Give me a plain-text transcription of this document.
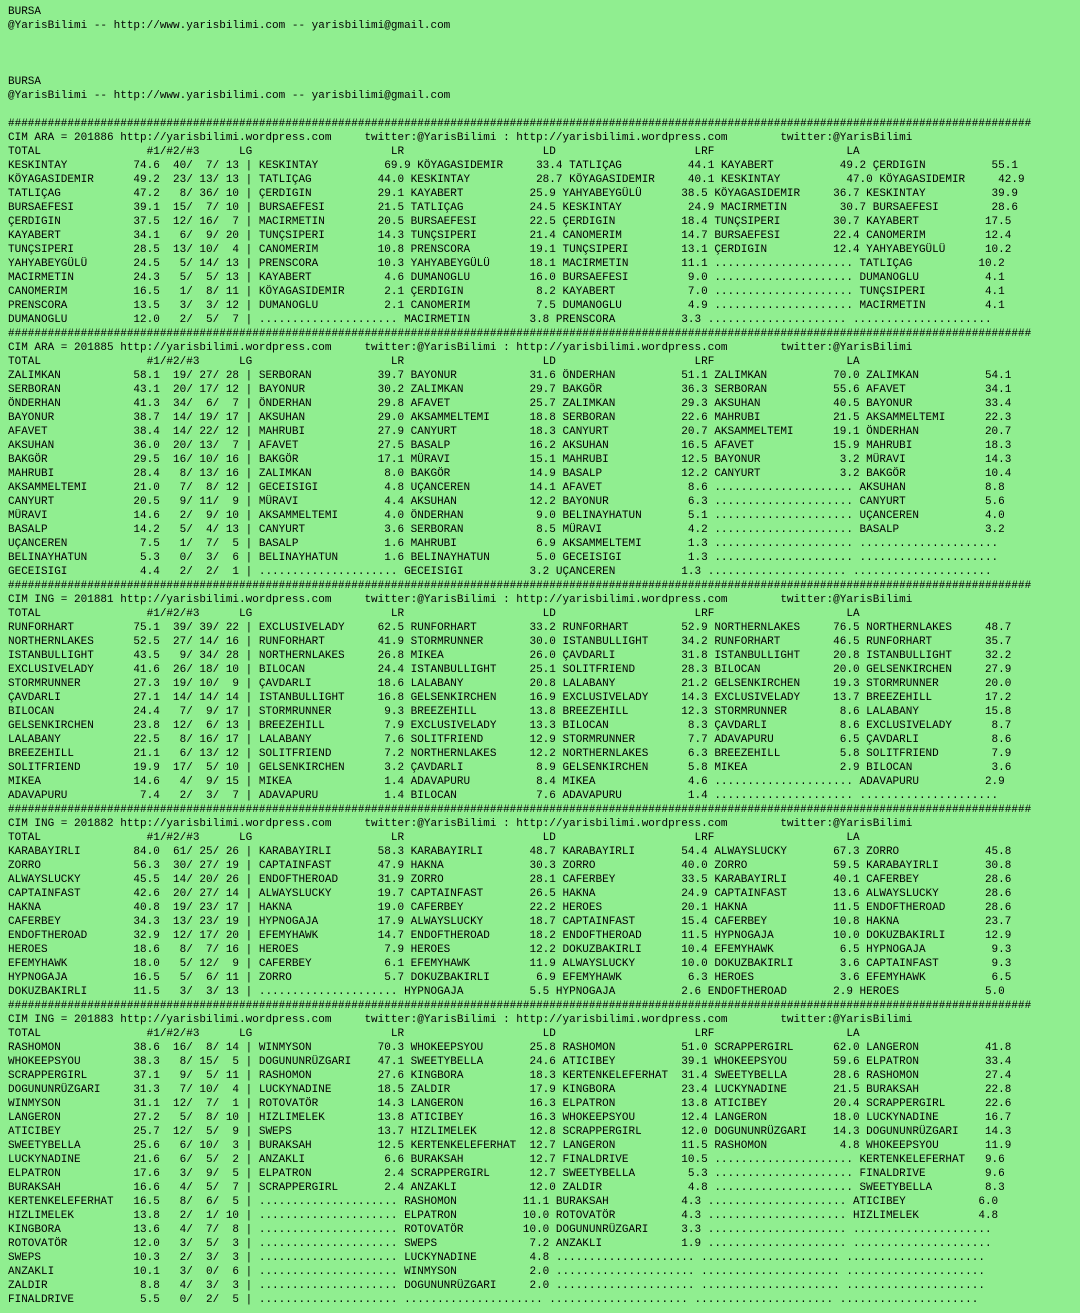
BURSA
@YarisBilimi -- http://www.yarisbilimi.com -- yarisbilimi@gmail.com
BURSA
@YarisBilimi -- http://www.yarisbilimi.com -- yarisbilimi@gmail.com
###########################################################################################################################################################
CIM ARA = 201886 http://yarisbilimi.wordpress.com     twitter:@YarisBilimi : http://yarisbilimi.wordpress.com        twitter:@YarisBilimi
TOTAL                #1/#2/#3      LG                     LR                     LD                     LRF                    LA
KESKINTAY          74.6  40/  7/ 13 | KESKINTAY          69.9 KÖYAGASIDEMIR     33.4 TATLIÇAG          44.1 KAYABERT          49.2 ÇERDIGIN          55.1
KÖYAGASIDEMIR      49.2  23/ 13/ 13 | TATLIÇAG          44.0 KESKINTAY          28.7 KÖYAGASIDEMIR     40.1 KESKINTAY          47.0 KÖYAGASIDEMIR     42.9
TATLIÇAG           47.2   8/ 36/ 10 | ÇERDIGIN          29.1 KAYABERT          25.9 YAHYABEYGÜLÜ      38.5 KÖYAGASIDEMIR     36.7 KESKINTAY          39.9
BURSAEFESI         39.1  15/  7/ 10 | BURSAEFESI        21.5 TATLIÇAG          24.5 KESKINTAY          24.9 MACIRMETIN        30.7 BURSAEFESI        28.6
ÇERDIGIN           37.5  12/ 16/  7 | MACIRMETIN        20.5 BURSAEFESI        22.5 ÇERDIGIN          18.4 TUNÇSIPERI        30.7 KAYABERT          17.5
KAYABERT           34.1   6/  9/ 20 | TUNÇSIPERI        14.3 TUNÇSIPERI        21.4 CANOMERIM         14.7 BURSAEFESI        22.4 CANOMERIM         12.4
TUNÇSIPERI         28.5  13/ 10/  4 | CANOMERIM         10.8 PRENSCORA         19.1 TUNÇSIPERI        13.1 ÇERDIGIN          12.4 YAHYABEYGÜLÜ      10.2
YAHYABEYGÜLÜ       24.5   5/ 14/ 13 | PRENSCORA         10.3 YAHYABEYGÜLÜ      18.1 MACIRMETIN        11.1 ..................... TATLIÇAG          10.2
MACIRMETIN         24.3   5/  5/ 13 | KAYABERT           4.6 DUMANOGLU         16.0 BURSAEFESI         9.0 ..................... DUMANOGLU          4.1
CANOMERIM          16.5   1/  8/ 11 | KÖYAGASIDEMIR      2.1 ÇERDIGIN           8.2 KAYABERT           7.0 ..................... TUNÇSIPERI         4.1
PRENSCORA          13.5   3/  3/ 12 | DUMANOGLU          2.1 CANOMERIM          7.5 DUMANOGLU          4.9 ..................... MACIRMETIN         4.1
DUMANOGLU          12.0   2/  5/  7 | ..................... MACIRMETIN         3.8 PRENSCORA          3.3 ..................... .....................
###########################################################################################################################################################
CIM ARA = 201885 http://yarisbilimi.wordpress.com     twitter:@YarisBilimi : http://yarisbilimi.wordpress.com        twitter:@YarisBilimi
TOTAL                #1/#2/#3      LG                     LR                     LD                     LRF                    LA
ZALIMKAN           58.1  19/ 27/ 28 | SERBORAN          39.7 BAYONUR           31.6 ÖNDERHAN          51.1 ZALIMKAN          70.0 ZALIMKAN          54.1
SERBORAN           43.1  20/ 17/ 12 | BAYONUR           30.2 ZALIMKAN          29.7 BAKGÖR            36.3 SERBORAN          55.6 AFAVET            34.1
ÖNDERHAN           41.3  34/  6/  7 | ÖNDERHAN          29.8 AFAVET            25.7 ZALIMKAN          29.3 AKSUHAN           40.5 BAYONUR           33.4
BAYONUR            38.7  14/ 19/ 17 | AKSUHAN           29.0 AKSAMMELTEMI      18.8 SERBORAN          22.6 MAHRUBI           21.5 AKSAMMELTEMI      22.3
AFAVET             38.4  14/ 22/ 12 | MAHRUBI           27.9 CANYURT           18.3 CANYURT           20.7 AKSAMMELTEMI      19.1 ÖNDERHAN          20.7
AKSUHAN            36.0  20/ 13/  7 | AFAVET            27.5 BASALP            16.2 AKSUHAN           16.5 AFAVET            15.9 MAHRUBI           18.3
BAKGÖR             29.5  16/ 10/ 16 | BAKGÖR            17.1 MÜRAVI            15.1 MAHRUBI           12.5 BAYONUR            3.2 MÜRAVI            14.3
MAHRUBI            28.4   8/ 13/ 16 | ZALIMKAN           8.0 BAKGÖR            14.9 BASALP            12.2 CANYURT            3.2 BAKGÖR            10.4
AKSAMMELTEMI       21.0   7/  8/ 12 | GECEISIGI          4.8 UÇANCEREN         14.1 AFAVET             8.6 ..................... AKSUHAN            8.8
CANYURT            20.5   9/ 11/  9 | MÜRAVI             4.4 AKSUHAN           12.2 BAYONUR            6.3 ..................... CANYURT            5.6
MÜRAVI             14.6   2/  9/ 10 | AKSAMMELTEMI       4.0 ÖNDERHAN           9.0 BELINAYHATUN       5.1 ..................... UÇANCEREN          4.0
BASALP             14.2   5/  4/ 13 | CANYURT            3.6 SERBORAN           8.5 MÜRAVI             4.2 ..................... BASALP             3.2
UÇANCEREN           7.5   1/  7/  5 | BASALP             1.6 MAHRUBI            6.9 AKSAMMELTEMI       1.3 ..................... .....................
BELINAYHATUN        5.3   0/  3/  6 | BELINAYHATUN       1.6 BELINAYHATUN       5.0 GECEISIGI          1.3 ..................... .....................
GECEISIGI           4.4   2/  2/  1 | ..................... GECEISIGI          3.2 UÇANCEREN          1.3 ..................... .....................
###########################################################################################################################################################
CIM ING = 201881 http://yarisbilimi.wordpress.com     twitter:@YarisBilimi : http://yarisbilimi.wordpress.com        twitter:@YarisBilimi
TOTAL                #1/#2/#3      LG                     LR                     LD                     LRF                    LA
RUNFORHART         75.1  39/ 39/ 22 | EXCLUSIVELADY     62.5 RUNFORHART        33.2 RUNFORHART        52.9 NORTHERNLAKES     76.5 NORTHERNLAKES     48.7
NORTHERNLAKES      52.5  27/ 14/ 16 | RUNFORHART        41.9 STORMRUNNER       30.0 ISTANBULLIGHT     34.2 RUNFORHART        46.5 RUNFORHART        35.7
ISTANBULLIGHT      43.5   9/ 34/ 28 | NORTHERNLAKES     26.8 MIKEA             26.0 ÇAVDARLI          31.8 ISTANBULLIGHT     20.8 ISTANBULLIGHT     32.2
EXCLUSIVELADY      41.6  26/ 18/ 10 | BILOCAN           24.4 ISTANBULLIGHT     25.1 SOLITFRIEND       28.3 BILOCAN           20.0 GELSENKIRCHEN     27.9
STORMRUNNER        27.3  19/ 10/  9 | ÇAVDARLI          18.6 LALABANY          20.8 LALABANY          21.2 GELSENKIRCHEN     19.3 STORMRUNNER       20.0
ÇAVDARLI           27.1  14/ 14/ 14 | ISTANBULLIGHT     16.8 GELSENKIRCHEN     16.9 EXCLUSIVELADY     14.3 EXCLUSIVELADY     13.7 BREEZEHILL        17.2
BILOCAN            24.4   7/  9/ 17 | STORMRUNNER        9.3 BREEZEHILL        13.8 BREEZEHILL        12.3 STORMRUNNER        8.6 LALABANY          15.8
GELSENKIRCHEN      23.8  12/  6/ 13 | BREEZEHILL         7.9 EXCLUSIVELADY     13.3 BILOCAN            8.3 ÇAVDARLI           8.6 EXCLUSIVELADY      8.7
LALABANY           22.5   8/ 16/ 17 | LALABANY           7.6 SOLITFRIEND       12.9 STORMRUNNER        7.7 ADAVAPURU          6.5 ÇAVDARLI           8.6
BREEZEHILL         21.1   6/ 13/ 12 | SOLITFRIEND        7.2 NORTHERNLAKES     12.2 NORTHERNLAKES      6.3 BREEZEHILL         5.8 SOLITFRIEND        7.9
SOLITFRIEND        19.9  17/  5/ 10 | GELSENKIRCHEN      3.2 ÇAVDARLI           8.9 GELSENKIRCHEN      5.8 MIKEA              2.9 BILOCAN            3.6
MIKEA              14.6   4/  9/ 15 | MIKEA              1.4 ADAVAPURU          8.4 MIKEA              4.6 ..................... ADAVAPURU          2.9
ADAVAPURU           7.4   2/  3/  7 | ADAVAPURU          1.4 BILOCAN            7.6 ADAVAPURU          1.4 ..................... .....................
###########################################################################################################################################################
CIM ING = 201882 http://yarisbilimi.wordpress.com     twitter:@YarisBilimi : http://yarisbilimi.wordpress.com        twitter:@YarisBilimi
TOTAL                #1/#2/#3      LG                     LR                     LD                     LRF                    LA
KARABAYIRLI        84.0  61/ 25/ 26 | KARABAYIRLI       58.3 KARABAYIRLI       48.7 KARABAYIRLI       54.4 ALWAYSLUCKY       67.3 ZORRO             45.8
ZORRO              56.3  30/ 27/ 19 | CAPTAINFAST       47.9 HAKNA             30.3 ZORRO             40.0 ZORRO             59.5 KARABAYIRLI       30.8
ALWAYSLUCKY        45.5  14/ 20/ 26 | ENDOFTHEROAD      31.9 ZORRO             28.1 CAFERBEY          33.5 KARABAYIRLI       40.1 CAFERBEY          28.6
CAPTAINFAST        42.6  20/ 27/ 14 | ALWAYSLUCKY       19.7 CAPTAINFAST       26.5 HAKNA             24.9 CAPTAINFAST       13.6 ALWAYSLUCKY       28.6
HAKNA              40.8  19/ 23/ 17 | HAKNA             19.0 CAFERBEY          22.2 HEROES            20.1 HAKNA             11.5 ENDOFTHEROAD      28.6
CAFERBEY           34.3  13/ 23/ 19 | HYPNOGAJA         17.9 ALWAYSLUCKY       18.7 CAPTAINFAST       15.4 CAFERBEY          10.8 HAKNA             23.7
ENDOFTHEROAD       32.9  12/ 17/ 20 | EFEMYHAWK         14.7 ENDOFTHEROAD      18.2 ENDOFTHEROAD      11.5 HYPNOGAJA         10.0 DOKUZBAKIRLI      12.9
HEROES             18.6   8/  7/ 16 | HEROES             7.9 HEROES            12.2 DOKUZBAKIRLI      10.4 EFEMYHAWK          6.5 HYPNOGAJA          9.3
EFEMYHAWK          18.0   5/ 12/  9 | CAFERBEY           6.1 EFEMYHAWK         11.9 ALWAYSLUCKY       10.0 DOKUZBAKIRLI       3.6 CAPTAINFAST        9.3
HYPNOGAJA          16.5   5/  6/ 11 | ZORRO              5.7 DOKUZBAKIRLI       6.9 EFEMYHAWK          6.3 HEROES             3.6 EFEMYHAWK          6.5
DOKUZBAKIRLI       11.5   3/  3/ 13 | ..................... HYPNOGAJA          5.5 HYPNOGAJA          2.6 ENDOFTHEROAD       2.9 HEROES             5.0
###########################################################################################################################################################
CIM ING = 201883 http://yarisbilimi.wordpress.com     twitter:@YarisBilimi : http://yarisbilimi.wordpress.com        twitter:@YarisBilimi
TOTAL                #1/#2/#3      LG                     LR                     LD                     LRF                    LA
RASHOMON           38.6  16/  8/ 14 | WINMYSON          70.3 WHOKEEPSYOU       25.8 RASHOMON          51.0 SCRAPPERGIRL      62.0 LANGERON          41.8
WHOKEEPSYOU        38.3   8/ 15/  5 | DOGUNUNRÜZGARI    47.1 SWEETYBELLA       24.6 ATICIBEY          39.1 WHOKEEPSYOU       59.6 ELPATRON          33.4
SCRAPPERGIRL       37.1   9/  5/ 11 | RASHOMON          27.6 KINGBORA          18.3 KERTENKELEFERHAT  31.4 SWEETYBELLA       28.6 RASHOMON          27.4
DOGUNUNRÜZGARI     31.3   7/ 10/  4 | LUCKYNADINE       18.5 ZALDIR            17.9 KINGBORA          23.4 LUCKYNADINE       21.5 BURAKSAH          22.8
WINMYSON           31.1  12/  7/  1 | ROTOVATÖR         14.3 LANGERON          16.3 ELPATRON          13.8 ATICIBEY          20.4 SCRAPPERGIRL      22.6
LANGERON           27.2   5/  8/ 10 | HIZLIMELEK        13.8 ATICIBEY          16.3 WHOKEEPSYOU       12.4 LANGERON          18.0 LUCKYNADINE       16.7
ATICIBEY           25.7  12/  5/  9 | SWEPS             13.7 HIZLIMELEK        12.8 SCRAPPERGIRL      12.0 DOGUNUNRÜZGARI    14.3 DOGUNUNRÜZGARI    14.3
SWEETYBELLA        25.6   6/ 10/  3 | BURAKSAH          12.5 KERTENKELEFERHAT  12.7 LANGERON          11.5 RASHOMON           4.8 WHOKEEPSYOU       11.9
LUCKYNADINE        21.6   6/  5/  2 | ANZAKLI            6.6 BURAKSAH          12.7 FINALDRIVE        10.5 ..................... KERTENKELEFERHAT   9.6
ELPATRON           17.6   3/  9/  5 | ELPATRON           2.4 SCRAPPERGIRL      12.7 SWEETYBELLA        5.3 ..................... FINALDRIVE         9.6
BURAKSAH           16.6   4/  5/  7 | SCRAPPERGIRL       2.4 ANZAKLI           12.0 ZALDIR             4.8 ..................... SWEETYBELLA        8.3
KERTENKELEFERHAT   16.5   8/  6/  5 | ..................... RASHOMON          11.1 BURAKSAH           4.3 ..................... ATICIBEY           6.0
HIZLIMELEK         13.8   2/  1/ 10 | ..................... ELPATRON          10.0 ROTOVATÖR          4.3 ..................... HIZLIMELEK         4.8
KINGBORA           13.6   4/  7/  8 | ..................... ROTOVATÖR         10.0 DOGUNUNRÜZGARI     3.3 ..................... .....................
ROTOVATÖR          12.0   3/  5/  3 | ..................... SWEPS              7.2 ANZAKLI            1.9 ..................... .....................
SWEPS              10.3   2/  3/  3 | ..................... LUCKYNADINE        4.8 ..................... ..................... .....................
ANZAKLI            10.1   3/  0/  6 | ..................... WINMYSON           2.0 ..................... ..................... .....................
ZALDIR              8.8   4/  3/  3 | ..................... DOGUNUNRÜZGARI     2.0 ..................... ..................... .....................
FINALDRIVE          5.5   0/  2/  5 | ..................... ..................... ..................... ..................... .....................
